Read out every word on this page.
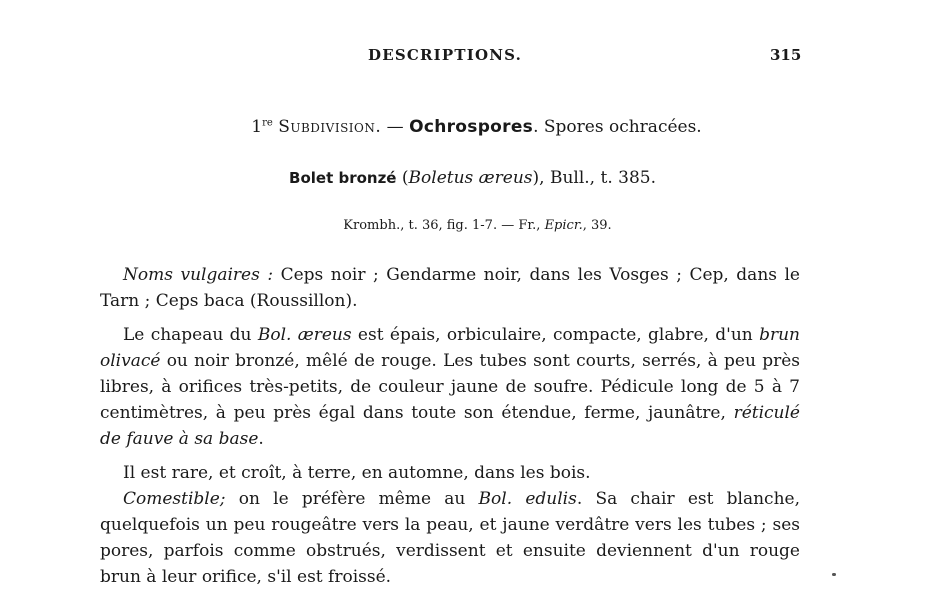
DESCRIPTIONS.	315
1re Subdivision. — Ochrospores. Spores ochracées.
Bolet bronzé (Boletus æreus), Bull., t. 385.
Krombh., t. 36, fig. 1-7. — Fr., Epicr., 39.

Noms vulgaires : Ceps noir ; Gendarme noir, dans les Vosges ; Cep, dans le Tarn ; Ceps baca (Roussillon).

Le chapeau du Bol. æreus est épais, orbiculaire, compacte, glabre, d'un brun olivacé ou noir bronzé, mêlé de rouge. Les tubes sont courts, serrés, à peu près libres, à orifices très-petits, de couleur jaune de soufre. Pédicule long de 5 à 7 centimètres, à peu près égal dans toute son étendue, ferme, jaunâtre, réticulé de fauve à sa base.

Il est rare, et croît, à terre, en automne, dans les bois.

Comestible; on le préfère même au Bol. edulis. Sa chair est blanche, quelquefois un peu rougeâtre vers la peau, et jaune verdâtre vers les tubes ; ses pores, parfois comme obstrués, verdissent et ensuite deviennent d'un rouge brun à leur orifice, s'il est froissé.
